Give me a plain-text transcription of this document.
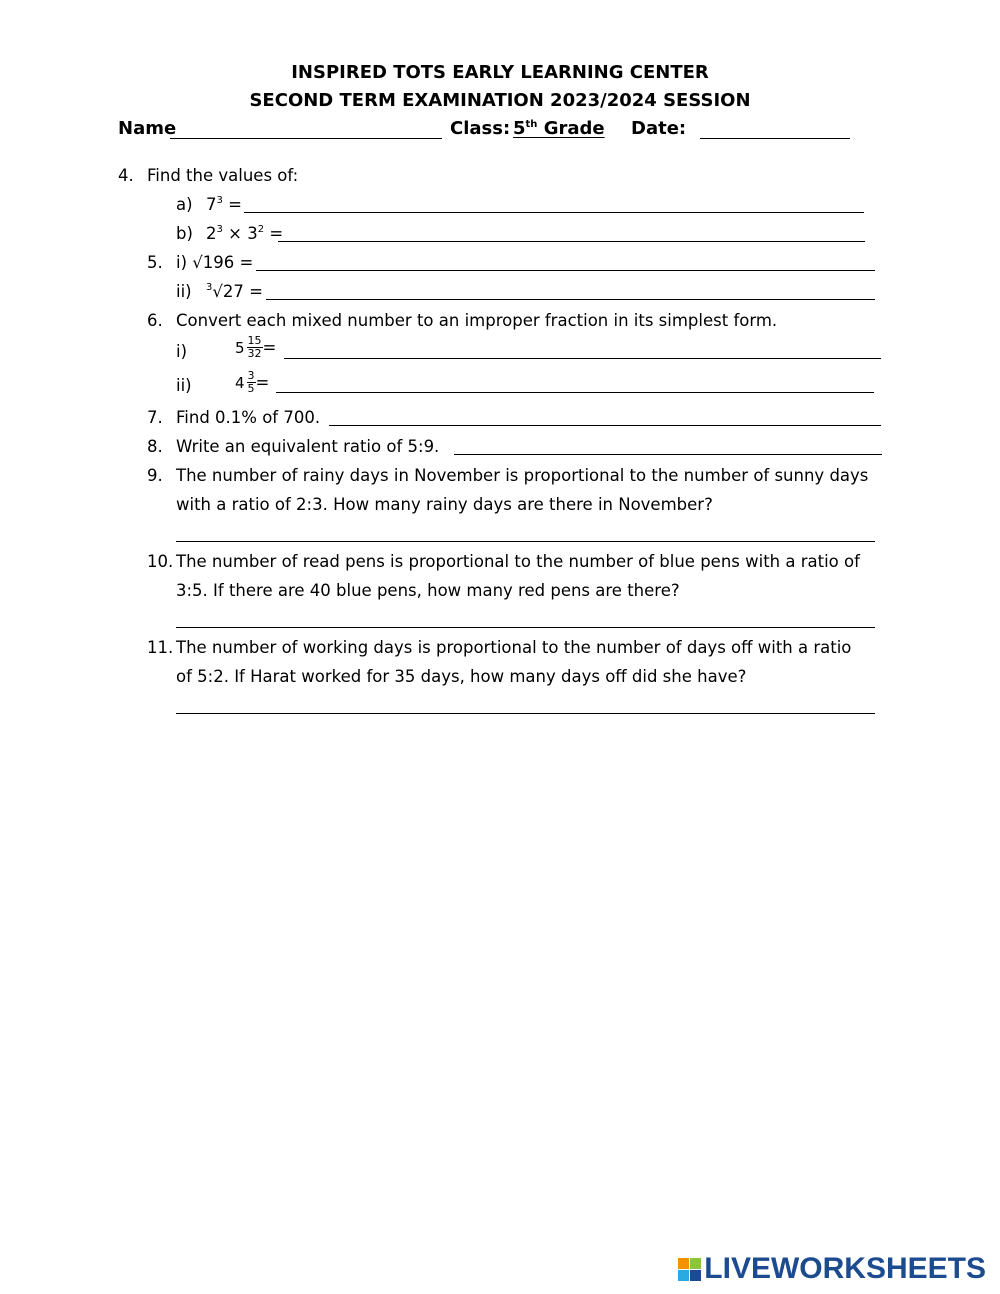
INSPIRED TOTS EARLY LEARNING CENTER
SECOND TERM EXAMINATION 2023/2024 SESSION
Name	Class: 5th Grade	Date:
4. Find the values of:
a) $7^3$ =
b) $2^3 \times 3^2$ =
5. i) √196 =
ii) $^3$√27 =
6. Convert each mixed number to an improper fraction in its simplest form.
i)	$5 \frac{15}{32}$ =
ii)	$4 \frac{3}{5}$ =
7. Find 0.1% of 700.
8. Write an equivalent ratio of 5:9.
9. The number of rainy days in November is proportional to the number of sunny days
with a ratio of 2:3. How many rainy days are there in November?
10. The number of read pens is proportional to the number of blue pens with a ratio of
3:5. If there are 40 blue pens, how many red pens are there?
11. The number of working days is proportional to the number of days off with a ratio
of 5:2. If Harat worked for 35 days, how many days off did she have?
LIVEWORKSHEETS
